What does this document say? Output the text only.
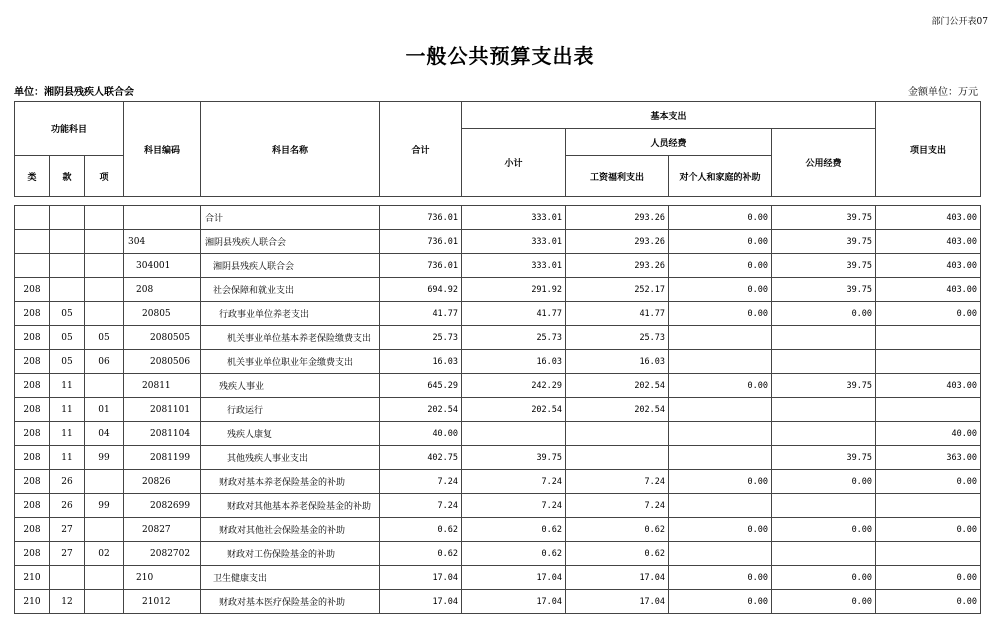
部门公开表07
一般公共预算支出表
单位：湘阴县残疾人联合会	金额单位：万元
功能科目			科目编码	科目名称	合计	基本支出				项目支出
						小计	人员经费		公用经费	
类	款	项					工资福利支出	对个人和家庭的补助		

				合计	736.01	333.01	293.26	0.00	39.75	403.00
			304	湘阴县残疾人联合会	736.01	333.01	293.26	0.00	39.75	403.00
			304001	湘阴县残疾人联合会	736.01	333.01	293.26	0.00	39.75	403.00
208			208	社会保障和就业支出	694.92	291.92	252.17	0.00	39.75	403.00
208	05		20805	行政事业单位养老支出	41.77	41.77	41.77	0.00	0.00	0.00
208	05	05	2080505	机关事业单位基本养老保险缴费支出	25.73	25.73	25.73			
208	05	06	2080506	机关事业单位职业年金缴费支出	16.03	16.03	16.03			
208	11		20811	残疾人事业	645.29	242.29	202.54	0.00	39.75	403.00
208	11	01	2081101	行政运行	202.54	202.54	202.54			
208	11	04	2081104	残疾人康复	40.00					40.00
208	11	99	2081199	其他残疾人事业支出	402.75	39.75			39.75	363.00
208	26		20826	财政对基本养老保险基金的补助	7.24	7.24	7.24	0.00	0.00	0.00
208	26	99	2082699	财政对其他基本养老保险基金的补助	7.24	7.24	7.24			
208	27		20827	财政对其他社会保险基金的补助	0.62	0.62	0.62	0.00	0.00	0.00
208	27	02	2082702	财政对工伤保险基金的补助	0.62	0.62	0.62			
210			210	卫生健康支出	17.04	17.04	17.04	0.00	0.00	0.00
210	12		21012	财政对基本医疗保险基金的补助	17.04	17.04	17.04	0.00	0.00	0.00
